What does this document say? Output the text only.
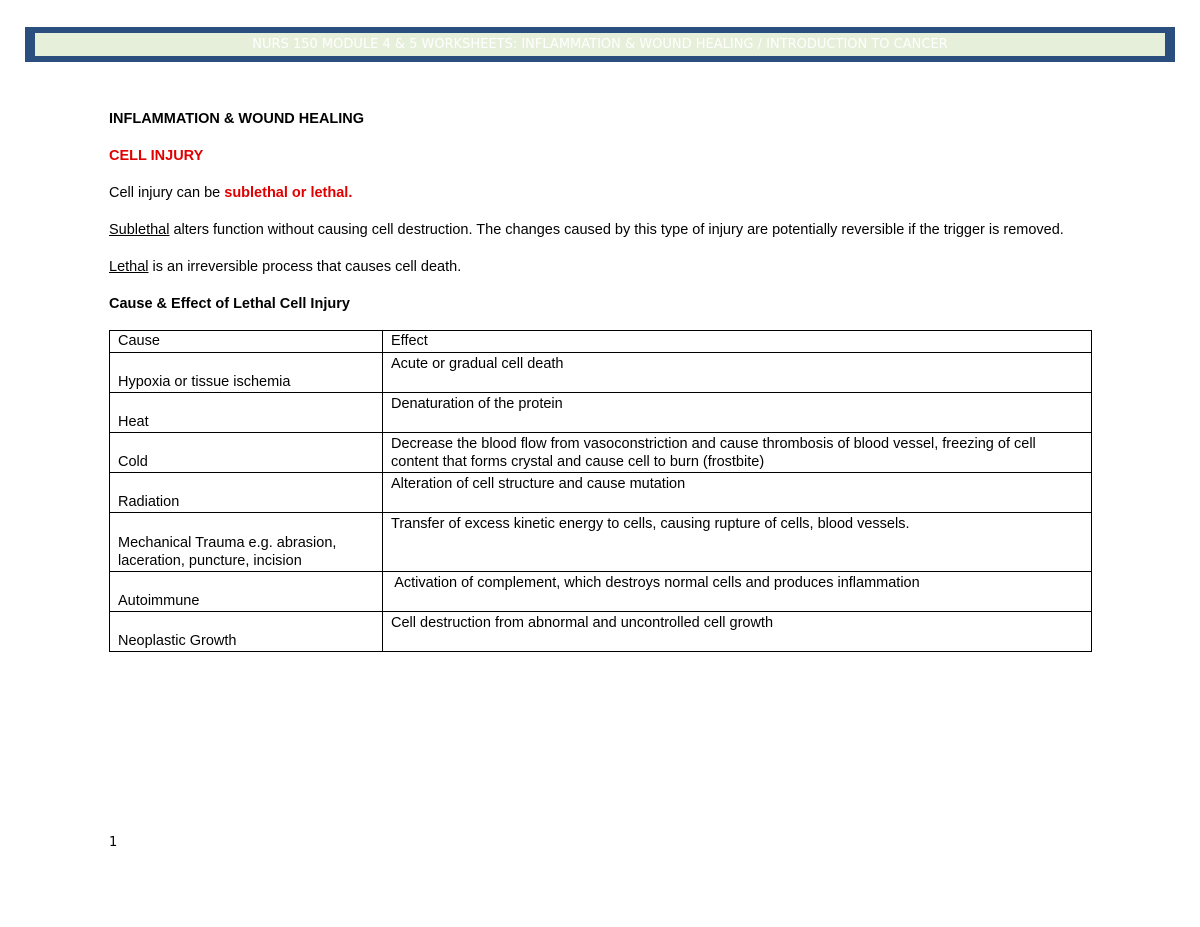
NURS 150 MODULE 4 & 5 WORKSHEETS: INFLAMMATION & WOUND HEALING / INTRODUCTION TO CANCER

INFLAMMATION & WOUND HEALING

CELL INJURY

Cell injury can be sublethal or lethal.

Sublethal alters function without causing cell destruction. The changes caused by this type of injury are potentially reversible if the trigger is removed.

Lethal is an irreversible process that causes cell death.

Cause & Effect of Lethal Cell Injury

Cause	Effect
Hypoxia or tissue ischemia	Acute or gradual cell death
Heat	Denaturation of the protein
Cold	Decrease the blood flow from vasoconstriction and cause thrombosis of blood vessel, freezing of cell content that forms crystal and cause cell to burn (frostbite)
Radiation	Alteration of cell structure and cause mutation
Mechanical Trauma e.g. abrasion, laceration, puncture, incision	Transfer of excess kinetic energy to cells, causing rupture of cells, blood vessels.
Autoimmune	Activation of complement, which destroys normal cells and produces inflammation
Neoplastic Growth	Cell destruction from abnormal and uncontrolled cell growth
1
